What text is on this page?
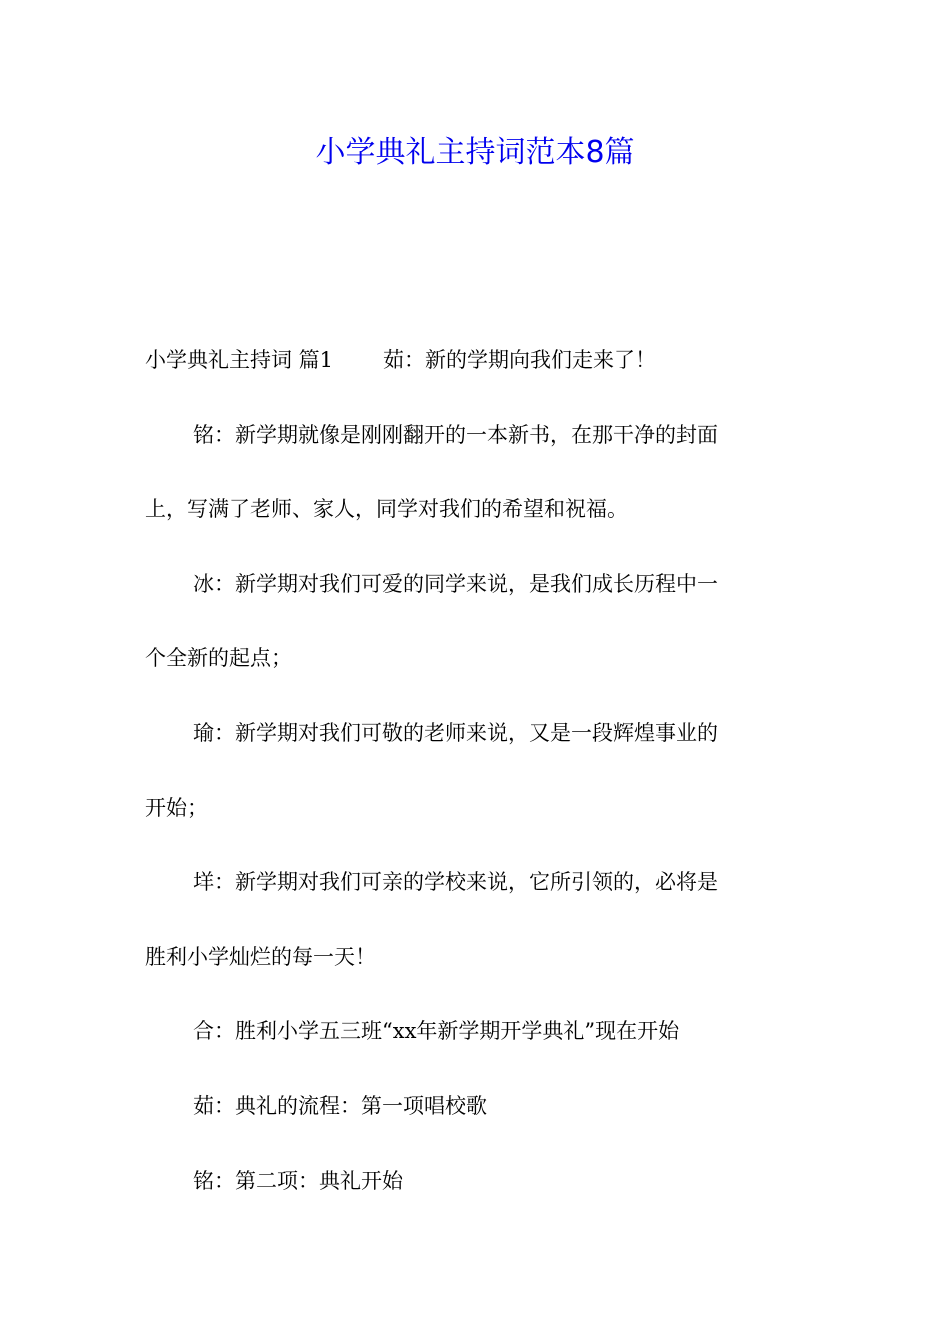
小学典礼主持词范本8篇
小学典礼主持词 篇1 茹：新的学期向我们走来了！
铭：新学期就像是刚刚翻开的一本新书，在那干净的封面
上，写满了老师、家人，同学对我们的希望和祝福。
冰：新学期对我们可爱的同学来说，是我们成长历程中一
个全新的起点；
瑜：新学期对我们可敬的老师来说，又是一段辉煌事业的
开始；
垟：新学期对我们可亲的学校来说，它所引领的，必将是
胜利小学灿烂的每一天！
合：胜利小学五三班“xx年新学期开学典礼”现在开始
茹：典礼的流程：第一项唱校歌
铭：第二项：典礼开始
